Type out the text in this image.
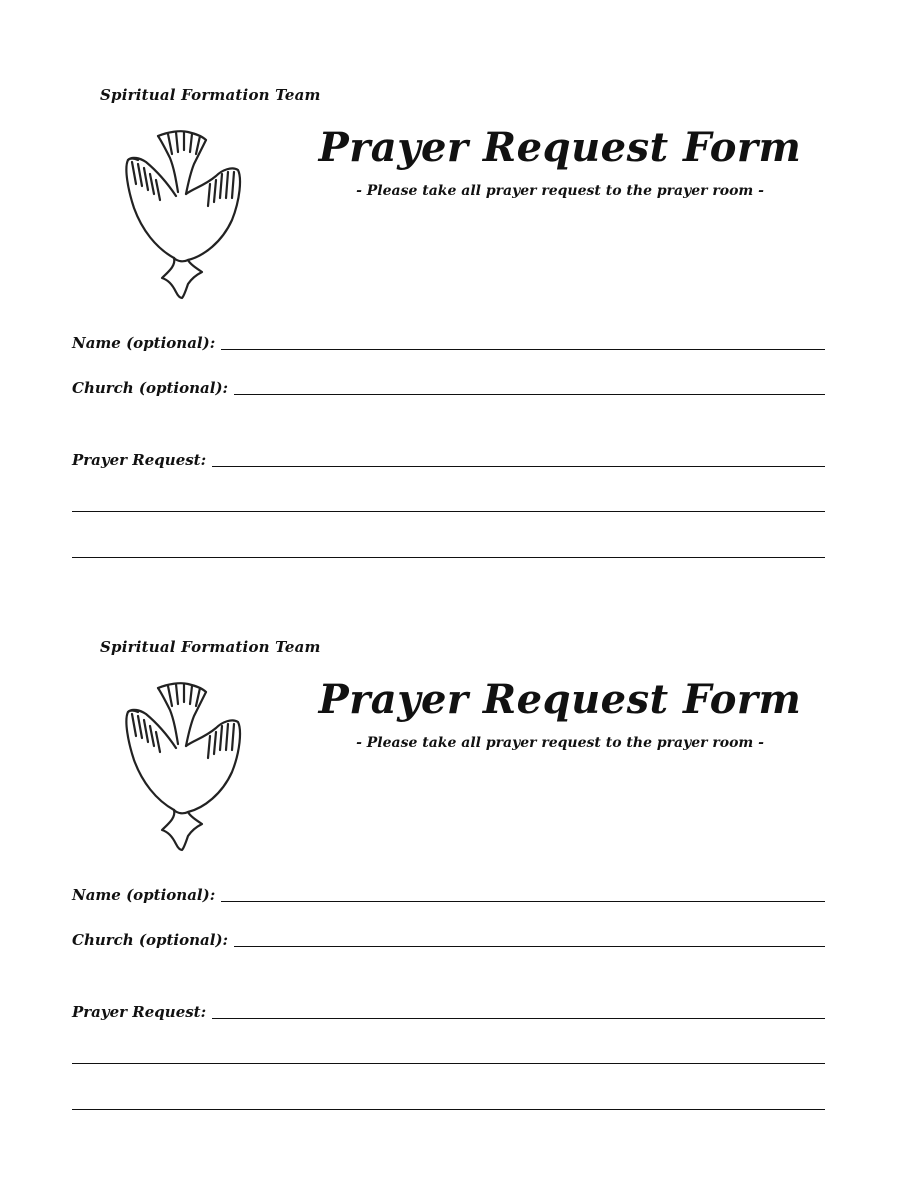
Spiritual Formation Team
Prayer Request Form
- Please take all prayer request to the prayer room -
Name (optional):
Church (optional):
Prayer Request:
Spiritual Formation Team
Prayer Request Form
- Please take all prayer request to the prayer room -
Name (optional):
Church (optional):
Prayer Request:
